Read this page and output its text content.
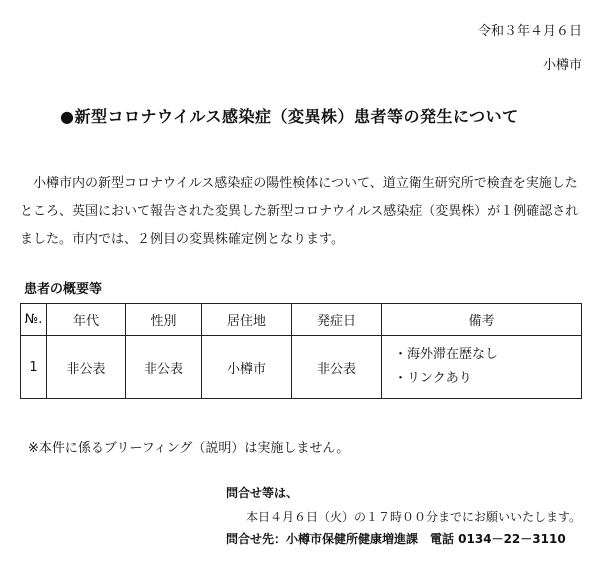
令和３年４月６日
小樽市
●新型コロナウイルス感染症（変異株）患者等の発生について

小樽市内の新型コロナウイルス感染症の陽性検体について、道立衛生研究所で検査を実施したところ、英国において報告された変異した新型コロナウイルス感染症（変異株）が１例確認されました。市内では、２例目の変異株確定例となります。

患者の概要等
№.	年代	性別	居住地	発症日	備考
1	非公表	非公表	小樽市	非公表	・海外滞在歴なし
・リンクあり
※本件に係るブリーフィング（説明）は実施しません。
問合せ等は、
本日４月６日（火）の１７時００分までにお願いいたします。
問合せ先：小樽市保健所健康増進課　電話 0134－22－3110
